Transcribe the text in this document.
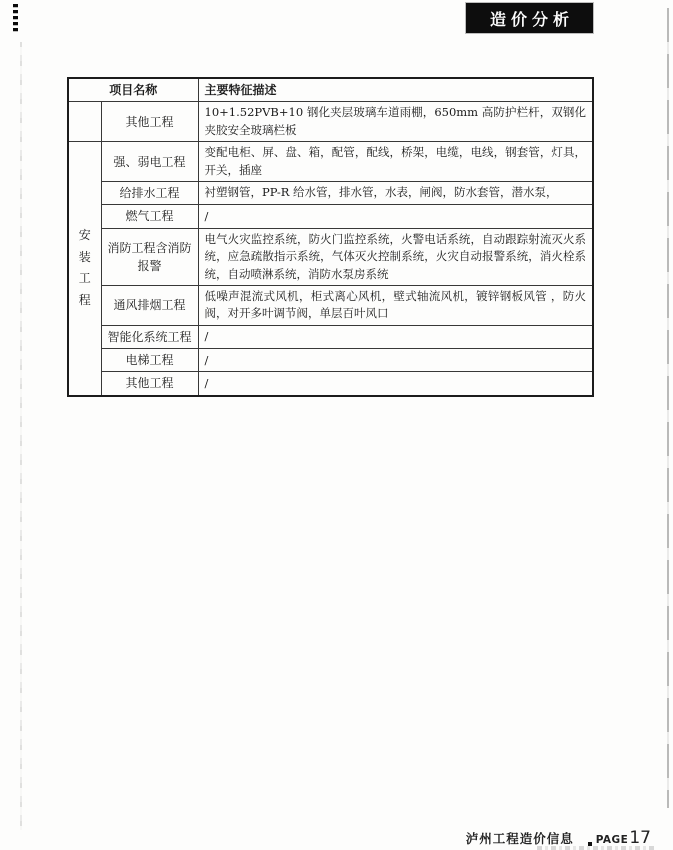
造价分析
项目名称		主要特征描述
	其他工程	10+1.52PVB+10 钢化夹层玻璃车道雨棚，650mm 高防护栏杆，双钢化夹胶安全玻璃栏板
安装工程	强、弱电工程	变配电柜、屏、盘、箱，配管，配线，桥架，电缆，电线，钢套管，灯具，开关，插座
	给排水工程	衬塑钢管，PP-R 给水管，排水管，水表，闸阀，防水套管，潜水泵，
	燃气工程	/
	消防工程含消防报警	电气火灾监控系统，防火门监控系统，火警电话系统，自动跟踪射流灭火系统，应急疏散指示系统，气体灭火控制系统，火灾自动报警系统，消火栓系统，自动喷淋系统，消防水泵房系统
	通风排烟工程	低噪声混流式风机，柜式离心风机，壁式轴流风机，镀锌钢板风管 ，防火阀，对开多叶调节阀，单层百叶风口
	智能化系统工程	/
	电梯工程	/
	其他工程	/
泸州工程造价信息 PAGE 17
